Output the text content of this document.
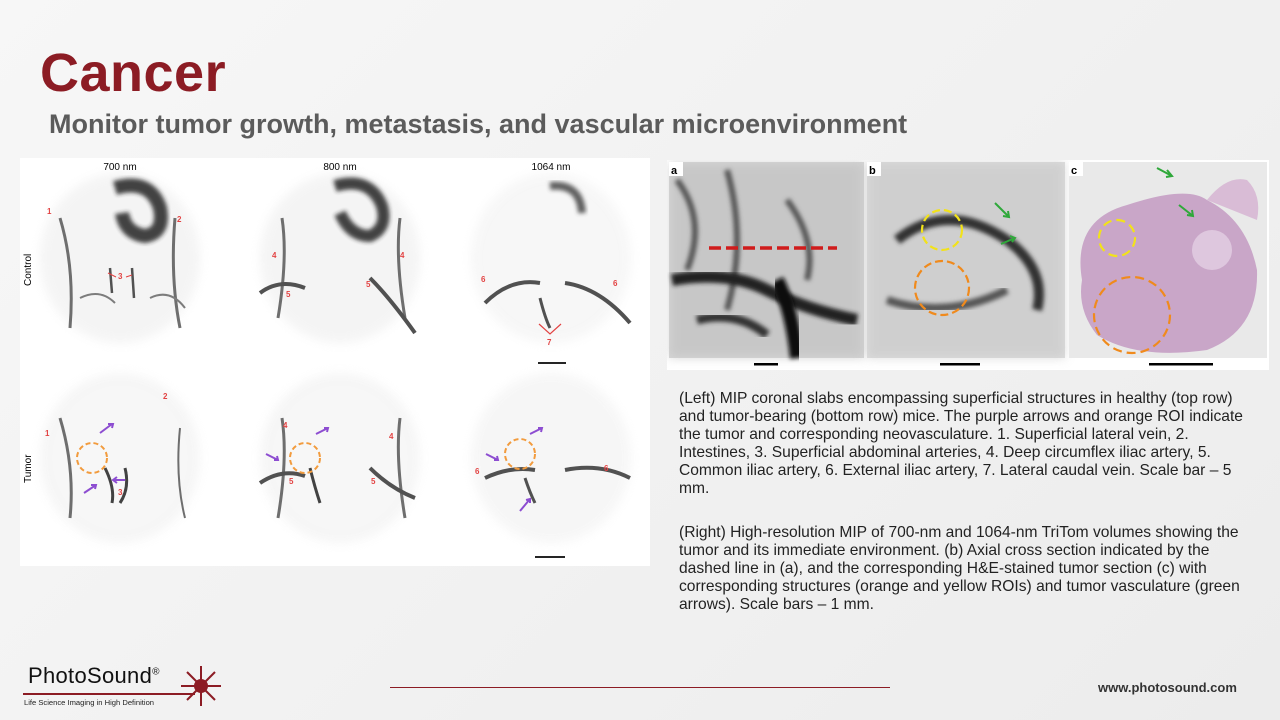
Cancer
Monitor tumor growth, metastasis, and vascular microenvironment
700 nm	800 nm	1064 nm
Control
Tumor
1
2
3
4	4
5
5
6	6
7
1
2
3
4
4
5	5
6	6
a	b	c
(Left) MIP coronal slabs encompassing superficial structures in healthy (top row) and tumor-bearing (bottom row) mice. The purple arrows and orange ROI indicate the tumor and corresponding neovasculature. 1. Superficial lateral vein, 2. Intestines, 3. Superficial abdominal arteries, 4. Deep circumflex iliac artery, 5. Common iliac artery, 6. External iliac artery, 7. Lateral caudal vein. Scale bar – 5 mm.
(Right) High-resolution MIP of 700-nm and 1064-nm TriTom volumes showing the tumor and its immediate environment. (b) Axial cross section indicated by the dashed line in (a), and the corresponding H&E-stained tumor section (c) with corresponding structures (orange and yellow ROIs) and tumor vasculature (green arrows). Scale bars – 1 mm.
PhotoSound®
Life Science Imaging in High Definition
www.photosound.com
